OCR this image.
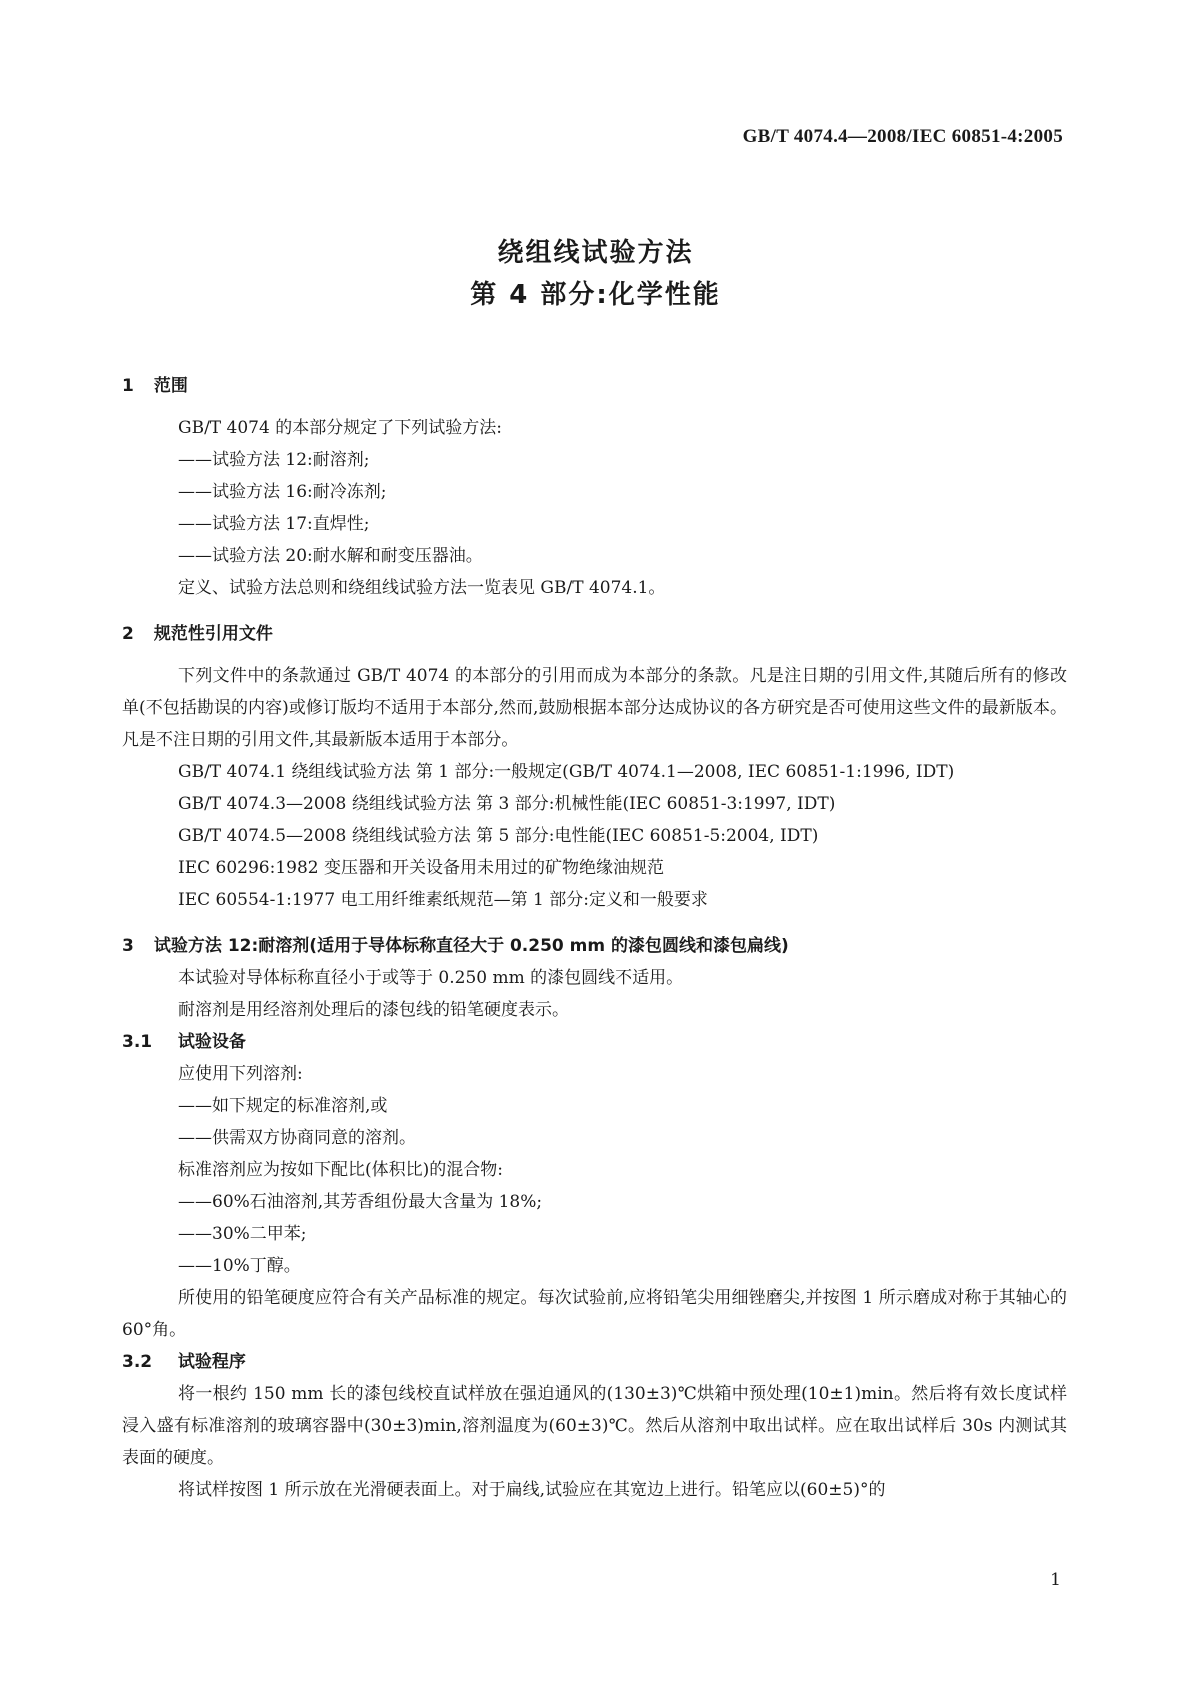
GB/T 4074.4—2008/IEC 60851-4:2005
绕组线试验方法
第 4 部分:化学性能
1 范围

GB/T 4074 的本部分规定了下列试验方法:

——试验方法 12:耐溶剂;

——试验方法 16:耐冷冻剂;

——试验方法 17:直焊性;

——试验方法 20:耐水解和耐变压器油。

定义、试验方法总则和绕组线试验方法一览表见 GB/T 4074.1。

2 规范性引用文件

下列文件中的条款通过 GB/T 4074 的本部分的引用而成为本部分的条款。凡是注日期的引用文件,其随后所有的修改单(不包括勘误的内容)或修订版均不适用于本部分,然而,鼓励根据本部分达成协议的各方研究是否可使用这些文件的最新版本。凡是不注日期的引用文件,其最新版本适用于本部分。

GB/T 4074.1 绕组线试验方法 第 1 部分:一般规定(GB/T 4074.1—2008, IEC 60851-1:1996, IDT)

GB/T 4074.3—2008 绕组线试验方法 第 3 部分:机械性能(IEC 60851-3:1997, IDT)

GB/T 4074.5—2008 绕组线试验方法 第 5 部分:电性能(IEC 60851-5:2004, IDT)

IEC 60296:1982 变压器和开关设备用未用过的矿物绝缘油规范

IEC 60554-1:1977 电工用纤维素纸规范—第 1 部分:定义和一般要求

3 试验方法 12:耐溶剂(适用于导体标称直径大于 0.250 mm 的漆包圆线和漆包扁线)

本试验对导体标称直径小于或等于 0.250 mm 的漆包圆线不适用。

耐溶剂是用经溶剂处理后的漆包线的铅笔硬度表示。

3.1 试验设备

应使用下列溶剂:

——如下规定的标准溶剂,或

——供需双方协商同意的溶剂。

标准溶剂应为按如下配比(体积比)的混合物:

——60%石油溶剂,其芳香组份最大含量为 18%;

——30%二甲苯;

——10%丁醇。

所使用的铅笔硬度应符合有关产品标准的规定。每次试验前,应将铅笔尖用细锉磨尖,并按图 1 所示磨成对称于其轴心的 60°角。

3.2 试验程序

将一根约 150 mm 长的漆包线校直试样放在强迫通风的(130±3)℃烘箱中预处理(10±1)min。然后将有效长度试样浸入盛有标准溶剂的玻璃容器中(30±3)min,溶剂温度为(60±3)℃。然后从溶剂中取出试样。应在取出试样后 30s 内测试其表面的硬度。

将试样按图 1 所示放在光滑硬表面上。对于扁线,试验应在其宽边上进行。铅笔应以(60±5)°的

1
